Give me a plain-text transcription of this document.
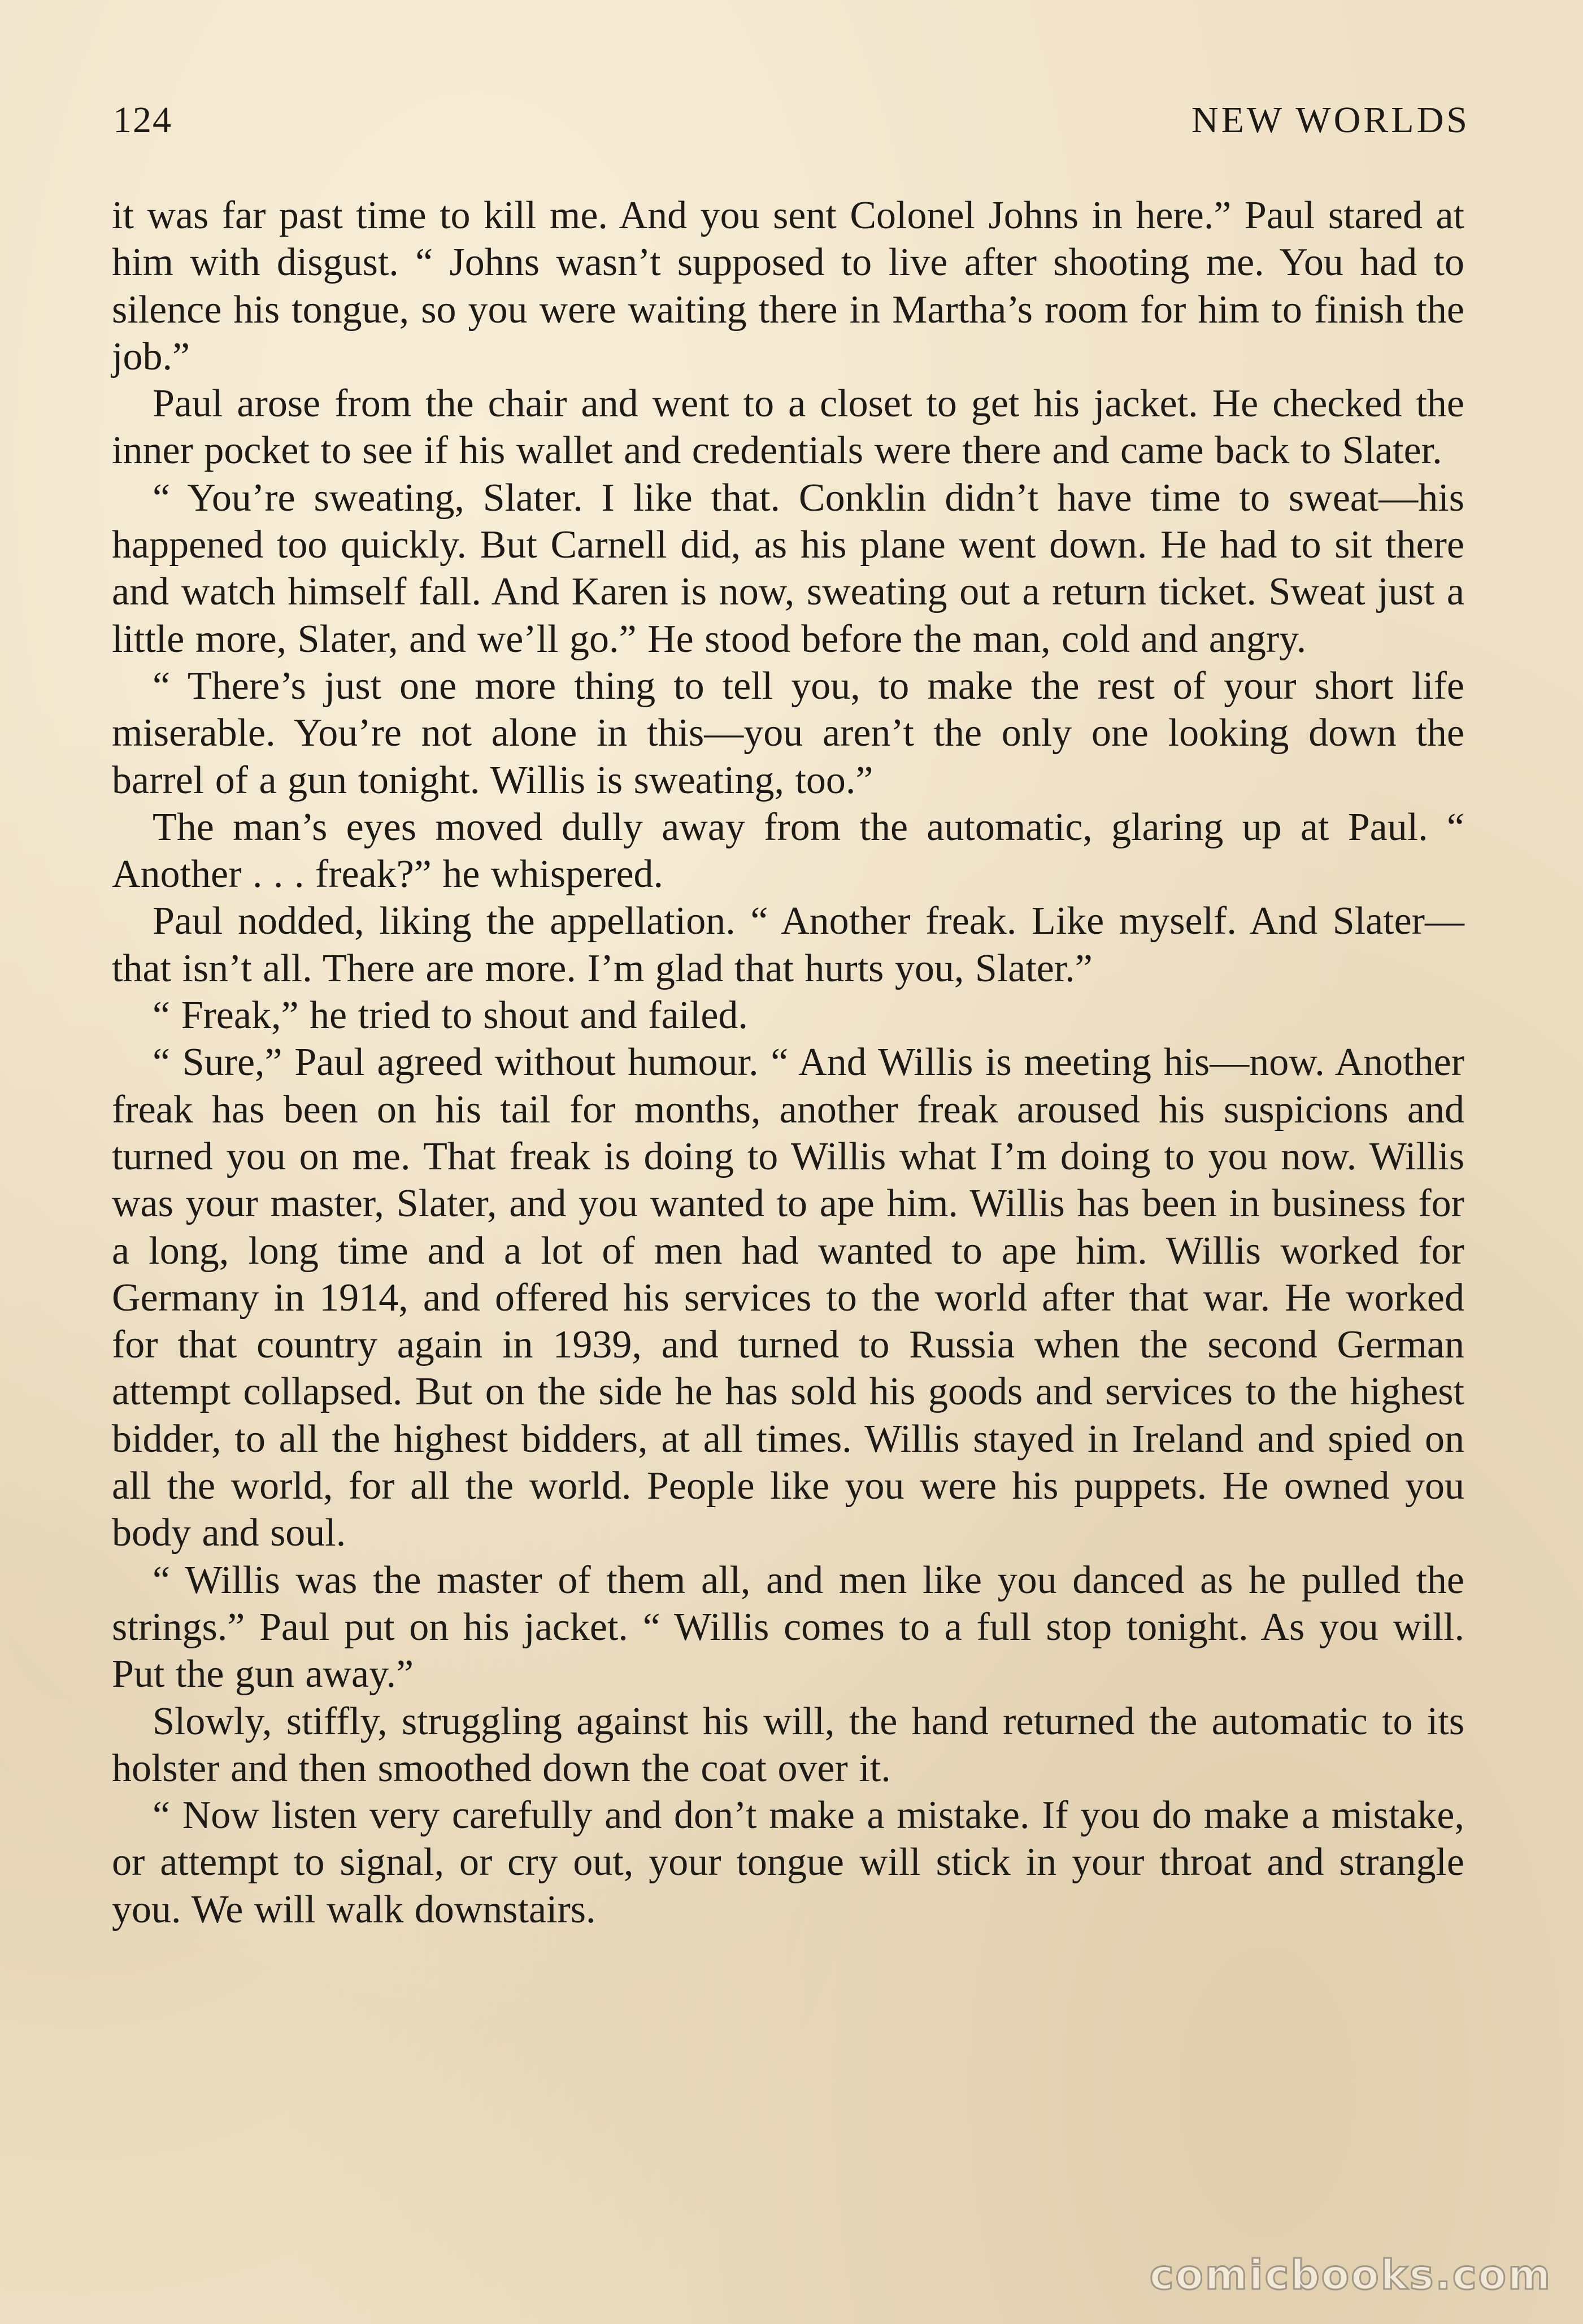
124	NEW WORLDS

it was far past time to kill me. And you sent Colonel Johns in here.” Paul stared at him with disgust. “ Johns wasn’t supposed to live after shooting me. You had to silence his tongue, so you were waiting there in Martha’s room for him to finish the job.”

Paul arose from the chair and went to a closet to get his jacket. He checked the inner pocket to see if his wallet and credentials were there and came back to Slater.

“ You’re sweating, Slater. I like that. Conklin didn’t have time to sweat—his happened too quickly. But Carnell did, as his plane went down. He had to sit there and watch himself fall. And Karen is now, sweating out a return ticket. Sweat just a little more, Slater, and we’ll go.” He stood before the man, cold and angry.

“ There’s just one more thing to tell you, to make the rest of your short life miserable. You’re not alone in this—you aren’t the only one looking down the barrel of a gun tonight. Willis is sweating, too.”

The man’s eyes moved dully away from the automatic, glaring up at Paul. “ Another . . . freak?” he whispered.

Paul nodded, liking the appellation. “ Another freak. Like myself. And Slater—that isn’t all. There are more. I’m glad that hurts you, Slater.”

“ Freak,” he tried to shout and failed.

“ Sure,” Paul agreed without humour. “ And Willis is meeting his—now. Another freak has been on his tail for months, another freak aroused his suspicions and turned you on me. That freak is doing to Willis what I’m doing to you now. Willis was your master, Slater, and you wanted to ape him. Willis has been in business for a long, long time and a lot of men had wanted to ape him. Willis worked for Germany in 1914, and offered his services to the world after that war. He worked for that country again in 1939, and turned to Russia when the second German attempt collapsed. But on the side he has sold his goods and services to the highest bidder, to all the highest bidders, at all times. Willis stayed in Ireland and spied on all the world, for all the world. People like you were his puppets. He owned you body and soul.

“ Willis was the master of them all, and men like you danced as he pulled the strings.” Paul put on his jacket. “ Willis comes to a full stop tonight. As you will. Put the gun away.”

Slowly, stiffly, struggling against his will, the hand returned the automatic to its holster and then smoothed down the coat over it.

“ Now listen very carefully and don’t make a mistake. If you do make a mistake, or attempt to signal, or cry out, your tongue will stick in your throat and strangle you. We will walk downstairs.

comicbooks.com
